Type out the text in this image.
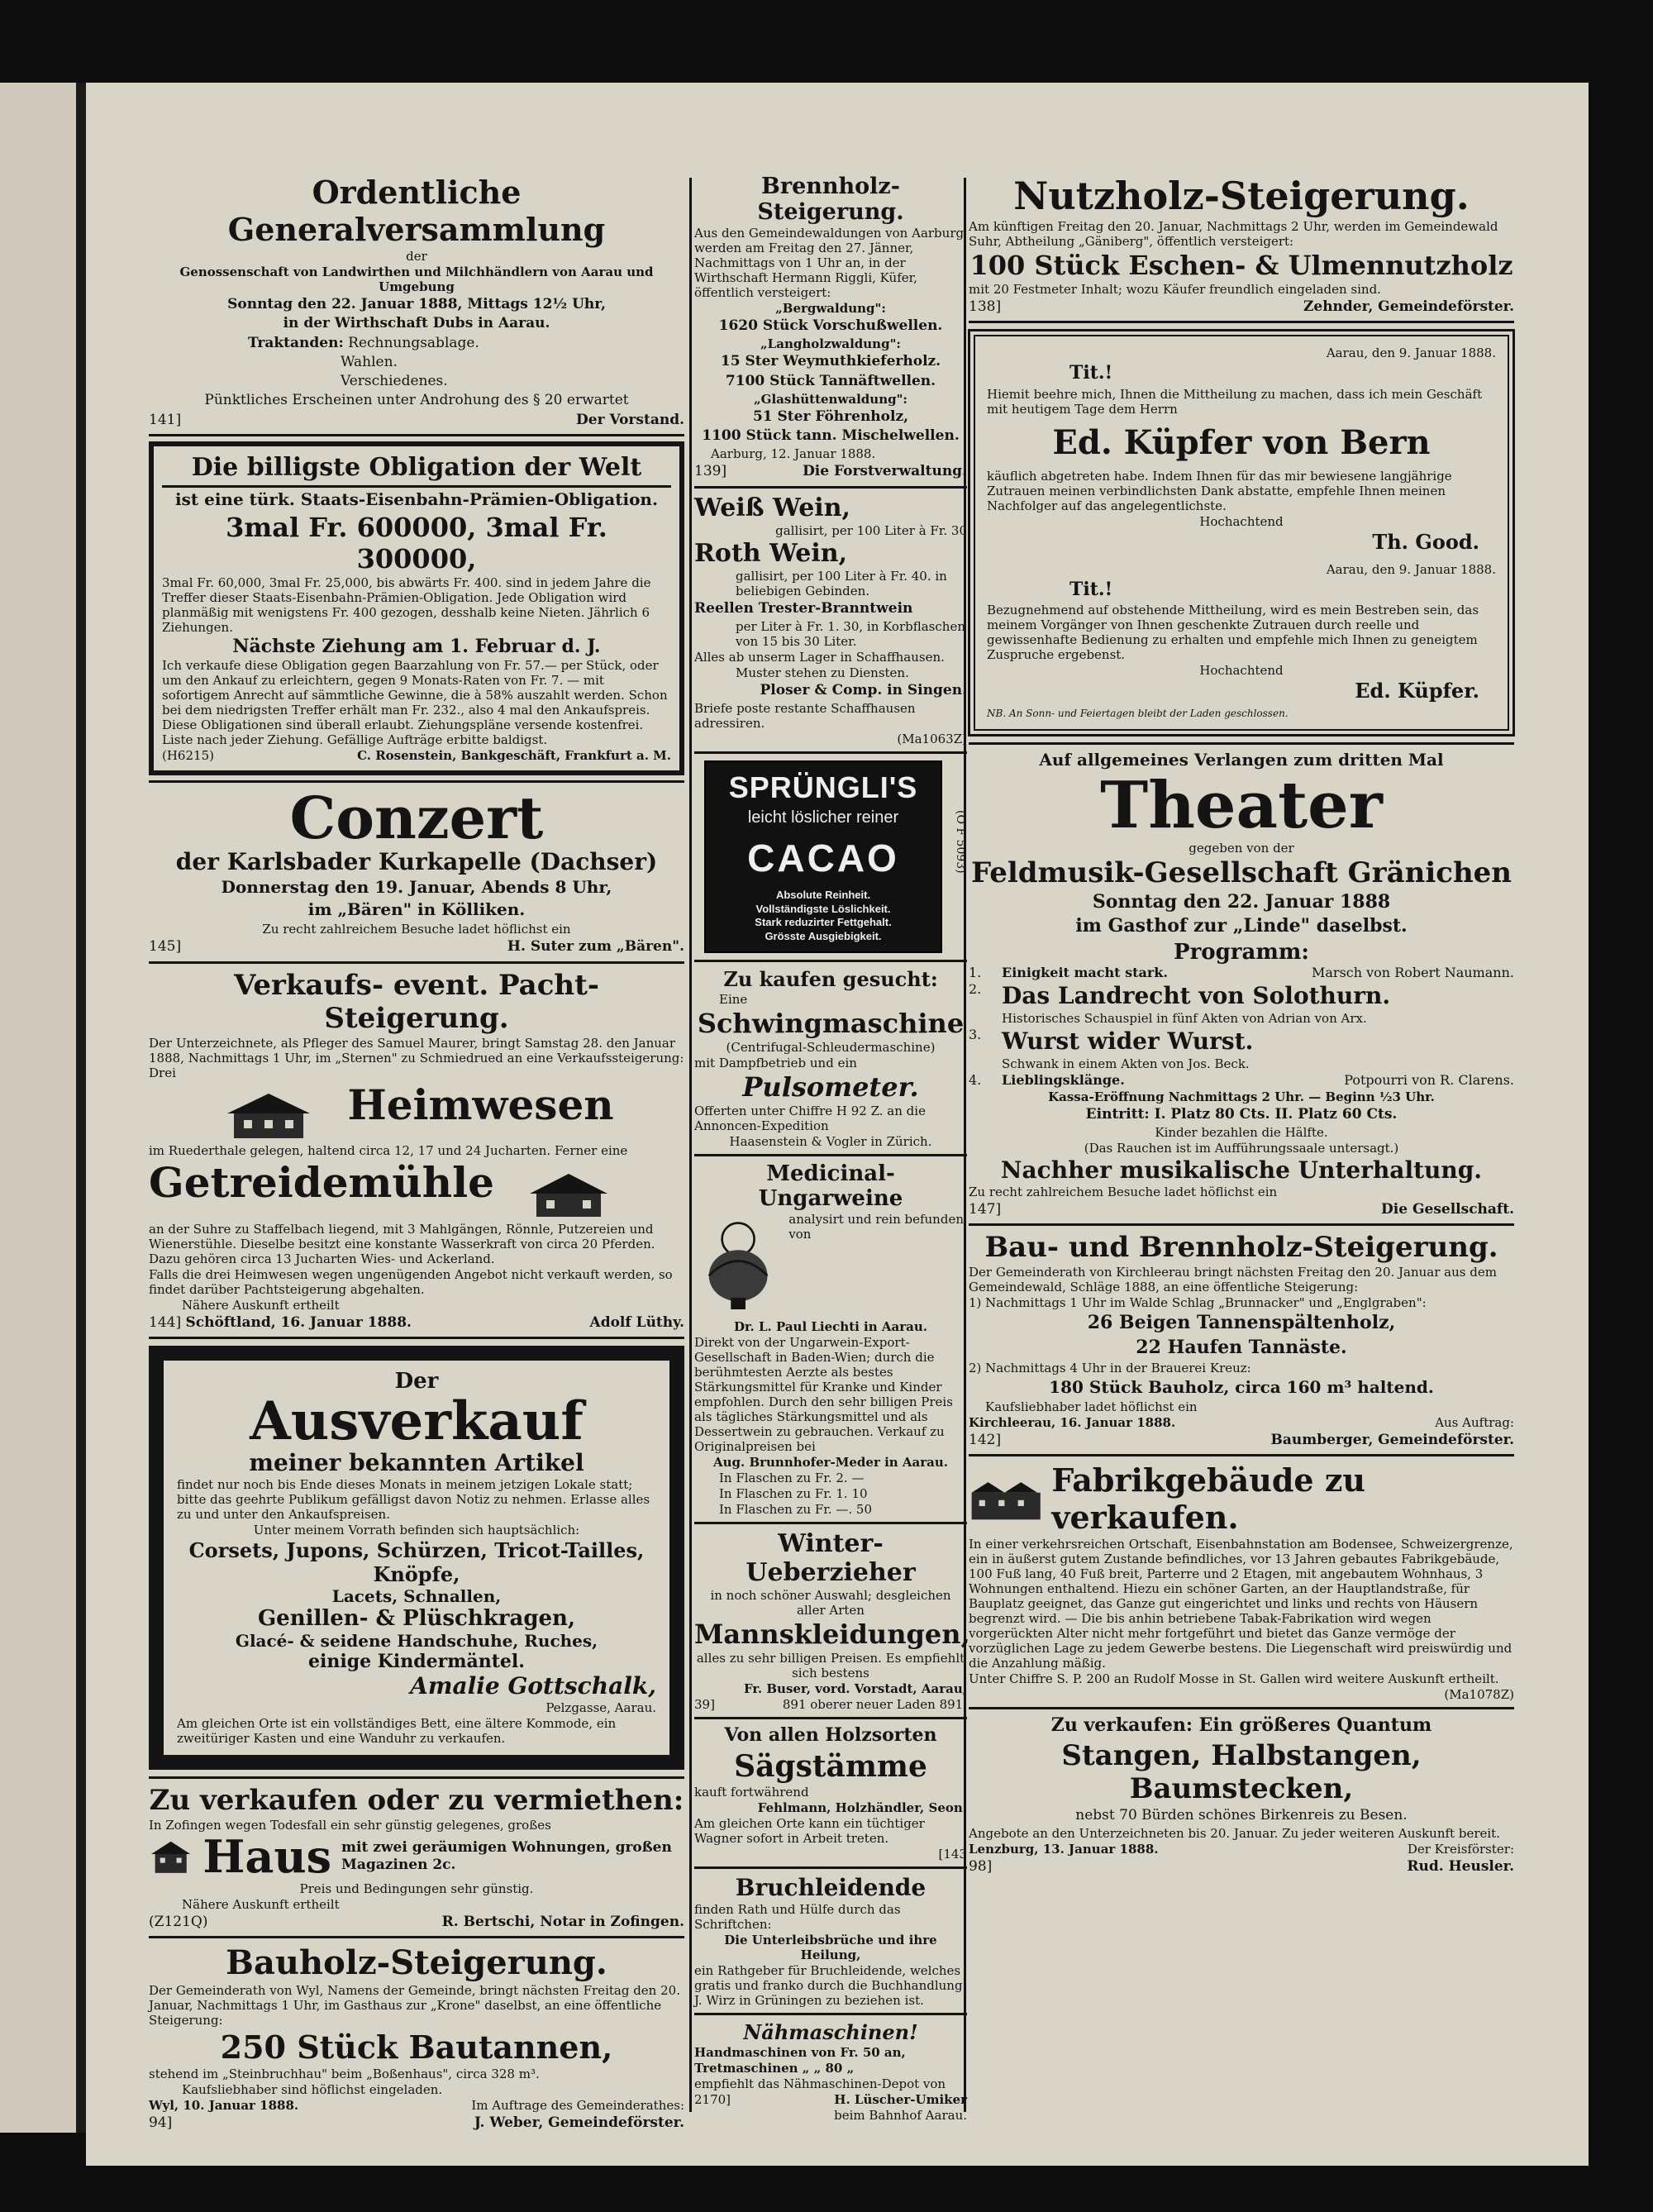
Ordentliche Generalversammlung
der
Genossenschaft von Landwirthen und Milchhändlern von Aarau und Umgebung
Sonntag den 22. Januar 1888, Mittags 12½ Uhr,
in der Wirthschaft Dubs in Aarau.
Traktanden: Rechnungsablage.
Wahlen.
Verschiedenes.
Pünktliches Erscheinen unter Androhung des § 20 erwartet
141]	Der Vorstand.
Die billigste Obligation der Welt
ist eine türk. Staats-Eisenbahn-Prämien-Obligation.
3mal Fr. 600000, 3mal Fr. 300000,
3mal Fr. 60,000, 3mal Fr. 25,000, bis abwärts Fr. 400. sind in jedem Jahre die Treffer dieser Staats-Eisenbahn-Prämien-Obligation. Jede Obligation wird planmäßig mit wenigstens Fr. 400 gezogen, desshalb keine Nieten. Jährlich 6 Ziehungen.
Nächste Ziehung am 1. Februar d. J.
Ich verkaufe diese Obligation gegen Baarzahlung von Fr. 57.— per Stück, oder um den Ankauf zu erleichtern, gegen 9 Monats-Raten von Fr. 7. — mit sofortigem Anrecht auf sämmtliche Gewinne, die à 58% auszahlt werden. Schon bei dem niedrigsten Treffer erhält man Fr. 232., also 4 mal den Ankaufspreis. Diese Obligationen sind überall erlaubt. Ziehungspläne versende kostenfrei. Liste nach jeder Ziehung. Gefällige Aufträge erbitte baldigst.
(H6215)	C. Rosenstein, Bankgeschäft, Frankfurt a. M.
Conzert
der Karlsbader Kurkapelle (Dachser)
Donnerstag den 19. Januar, Abends 8 Uhr,
im „Bären" in Kölliken.
Zu recht zahlreichem Besuche ladet höflichst ein
145]	H. Suter zum „Bären".
Verkaufs- event. Pacht-Steigerung.
Der Unterzeichnete, als Pfleger des Samuel Maurer, bringt Samstag 28. den Januar 1888, Nachmittags 1 Uhr, im „Sternen" zu Schmiedrued an eine Verkaufssteigerung: Drei
Heimwesen
im Ruederthale gelegen, haltend circa 12, 17 und 24 Jucharten. Ferner eine
Getreidemühle
an der Suhre zu Staffelbach liegend, mit 3 Mahlgängen, Rönnle, Putzereien und Wienerstühle. Dieselbe besitzt eine konstante Wasserkraft von circa 20 Pferden. Dazu gehören circa 13 Jucharten Wies- und Ackerland.
Falls die drei Heimwesen wegen ungenügenden Angebot nicht verkauft werden, so findet darüber Pachtsteigerung abgehalten.
Nähere Auskunft ertheilt
144] Schöftland, 16. Januar 1888.	Adolf Lüthy.
Der
Ausverkauf
meiner bekannten Artikel
findet nur noch bis Ende dieses Monats in meinem jetzigen Lokale statt; bitte das geehrte Publikum gefälligst davon Notiz zu nehmen. Erlasse alles zu und unter den Ankaufspreisen.
Unter meinem Vorrath befinden sich hauptsächlich:
Corsets, Jupons, Schürzen, Tricot-Tailles, Knöpfe,
Lacets, Schnallen,
Genillen- & Plüschkragen,
Glacé- & seidene Handschuhe, Ruches,
einige Kindermäntel.
Amalie Gottschalk,
Pelzgasse, Aarau.
Am gleichen Orte ist ein vollständiges Bett, eine ältere Kommode, ein zweitüriger Kasten und eine Wanduhr zu verkaufen.
Zu verkaufen oder zu vermiethen:
In Zofingen wegen Todesfall ein sehr günstig gelegenes, großes
Haus mit zwei geräumigen Wohnungen, großen Magazinen 2c.
Preis und Bedingungen sehr günstig.
Nähere Auskunft ertheilt
(Z121Q)	R. Bertschi, Notar in Zofingen.
Bauholz-Steigerung.
Der Gemeinderath von Wyl, Namens der Gemeinde, bringt nächsten Freitag den 20. Januar, Nachmittags 1 Uhr, im Gasthaus zur „Krone" daselbst, an eine öffentliche Steigerung:
250 Stück Bautannen,
stehend im „Steinbruchhau" beim „Boßenhaus", circa 328 m³.
Kaufsliebhaber sind höflichst eingeladen.
Wyl, 10. Januar 1888.	Im Auftrage des Gemeinderathes:
94]	J. Weber, Gemeindeförster.
Brennholz-Steigerung.
Aus den Gemeindewaldungen von Aarburg werden am Freitag den 27. Jänner, Nachmittags von 1 Uhr an, in der Wirthschaft Hermann Riggli, Küfer, öffentlich versteigert:
„Bergwaldung":
1620 Stück Vorschußwellen.
„Langholzwaldung":
15 Ster Weymuthkieferholz.
7100 Stück Tannäftwellen.
„Glashüttenwaldung":
51 Ster Föhrenholz,
1100 Stück tann. Mischelwellen.
Aarburg, 12. Januar 1888.
139]	Die Forstverwaltung.
Weiß Wein,
gallisirt, per 100 Liter à Fr. 30
Roth Wein,
gallisirt, per 100 Liter à Fr. 40. in beliebigen Gebinden.
Reellen Trester-Branntwein
per Liter à Fr. 1. 30, in Korbflaschen von 15 bis 30 Liter.
Alles ab unserm Lager in Schaffhausen.
Muster stehen zu Diensten.
Ploser & Comp. in Singen.
Briefe poste restante Schaffhausen adressiren.
(Ma1063Z)
SPRÜNGLI'S
leicht löslicher reiner
CACAO
Absolute Reinheit.
Vollständigste Löslichkeit.
Stark reduzirter Fettgehalt.
Grösste Ausgiebigkeit.
(O F 5093)
Zu kaufen gesucht:
Eine
Schwingmaschine
(Centrifugal-Schleudermaschine)
mit Dampfbetrieb und ein
Pulsometer.
Offerten unter Chiffre H 92 Z. an die Annoncen-Expedition
Haasenstein & Vogler in Zürich.
Medicinal-Ungarweine
analysirt und rein befunden von
Dr. L. Paul Liechti in Aarau.
Direkt von der Ungarwein-Export-Gesellschaft in Baden-Wien; durch die berühmtesten Aerzte als bestes Stärkungsmittel für Kranke und Kinder empfohlen. Durch den sehr billigen Preis als tägliches Stärkungsmittel und als Dessertwein zu gebrauchen. Verkauf zu Originalpreisen bei
Aug. Brunnhofer-Meder in Aarau.
In Flaschen zu Fr. 2. —
In Flaschen zu Fr. 1. 10
In Flaschen zu Fr. —. 50
Winter-Ueberzieher
in noch schöner Auswahl; desgleichen aller Arten
Mannskleidungen,
alles zu sehr billigen Preisen. Es empfiehlt sich bestens
Fr. Buser, vord. Vorstadt, Aarau,
39]	891 oberer neuer Laden 891.
Von allen Holzsorten
Sägstämme
kauft fortwährend
Fehlmann, Holzhändler, Seon.
Am gleichen Orte kann ein tüchtiger Wagner sofort in Arbeit treten.
[143
Bruchleidende
finden Rath und Hülfe durch das Schriftchen:
Die Unterleibsbrüche und ihre Heilung,
ein Rathgeber für Bruchleidende, welches gratis und franko durch die Buchhandlung J. Wirz in Grüningen zu beziehen ist.
Nähmaschinen!
Handmaschinen von Fr. 50 an,
Tretmaschinen „ „ 80 „
empfiehlt das Nähmaschinen-Depot von
2170]	H. Lüscher-Umiker
beim Bahnhof Aarau.
Nutzholz-Steigerung.
Am künftigen Freitag den 20. Januar, Nachmittags 2 Uhr, werden im Gemeindewald Suhr, Abtheilung „Gäniberg", öffentlich versteigert:
100 Stück Eschen- & Ulmennutzholz
mit 20 Festmeter Inhalt; wozu Käufer freundlich eingeladen sind.
138]	Zehnder, Gemeindeförster.
Aarau, den 9. Januar 1888.
Tit.!
Hiemit beehre mich, Ihnen die Mittheilung zu machen, dass ich mein Geschäft mit heutigem Tage dem Herrn
Ed. Küpfer von Bern
käuflich abgetreten habe. Indem Ihnen für das mir bewiesene langjährige Zutrauen meinen verbindlichsten Dank abstatte, empfehle Ihnen meinen Nachfolger auf das angelegentlichste.
Hochachtend
Th. Good.
Aarau, den 9. Januar 1888.
Tit.!
Bezugnehmend auf obstehende Mittheilung, wird es mein Bestreben sein, das meinem Vorgänger von Ihnen geschenkte Zutrauen durch reelle und gewissenhafte Bedienung zu erhalten und empfehle mich Ihnen zu geneigtem Zuspruche ergebenst.
Hochachtend
Ed. Küpfer.
NB. An Sonn- und Feiertagen bleibt der Laden geschlossen.
Auf allgemeines Verlangen zum dritten Mal
Theater
gegeben von der
Feldmusik-Gesellschaft Gränichen
Sonntag den 22. Januar 1888
im Gasthof zur „Linde" daselbst.
Programm:
1.	Einigkeit macht stark.	Marsch von Robert Naumann.
2. Das Landrecht von Solothurn.
Historisches Schauspiel in fünf Akten von Adrian von Arx.
3. Wurst wider Wurst.
Schwank in einem Akten von Jos. Beck.
4.	Lieblingsklänge.	Potpourri von R. Clarens.
Kassa-Eröffnung Nachmittags 2 Uhr. — Beginn ½3 Uhr.
Eintritt: I. Platz 80 Cts. II. Platz 60 Cts.
Kinder bezahlen die Hälfte.
(Das Rauchen ist im Aufführungssaale untersagt.)
Nachher musikalische Unterhaltung.
Zu recht zahlreichem Besuche ladet höflichst ein
147]	Die Gesellschaft.
Bau- und Brennholz-Steigerung.
Der Gemeinderath von Kirchleerau bringt nächsten Freitag den 20. Januar aus dem Gemeindewald, Schläge 1888, an eine öffentliche Steigerung:
1) Nachmittags 1 Uhr im Walde Schlag „Brunnacker" und „Englgraben":
26 Beigen Tannenspältenholz,
22 Haufen Tannäste.
2) Nachmittags 4 Uhr in der Brauerei Kreuz:
180 Stück Bauholz, circa 160 m³ haltend.
Kaufsliebhaber ladet höflichst ein
Kirchleerau, 16. Januar 1888.	Aus Auftrag:
142]	Baumberger, Gemeindeförster.
Fabrikgebäude zu verkaufen.
In einer verkehrsreichen Ortschaft, Eisenbahnstation am Bodensee, Schweizergrenze, ein in äußerst gutem Zustande befindliches, vor 13 Jahren gebautes Fabrikgebäude, 100 Fuß lang, 40 Fuß breit, Parterre und 2 Etagen, mit angebautem Wohnhaus, 3 Wohnungen enthaltend. Hiezu ein schöner Garten, an der Hauptlandstraße, für Bauplatz geeignet, das Ganze gut eingerichtet und links und rechts von Häusern begrenzt wird. — Die bis anhin betriebene Tabak-Fabrikation wird wegen vorgerückten Alter nicht mehr fortgeführt und bietet das Ganze vermöge der vorzüglichen Lage zu jedem Gewerbe bestens. Die Liegenschaft wird preiswürdig und die Anzahlung mäßig.
Unter Chiffre S. P. 200 an Rudolf Mosse in St. Gallen wird weitere Auskunft ertheilt.
(Ma1078Z)
Zu verkaufen: Ein größeres Quantum
Stangen, Halbstangen, Baumstecken,
nebst 70 Bürden schönes Birkenreis zu Besen.
Angebote an den Unterzeichneten bis 20. Januar. Zu jeder weiteren Auskunft bereit.
Lenzburg, 13. Januar 1888.	Der Kreisförster:
98]	Rud. Heusler.
